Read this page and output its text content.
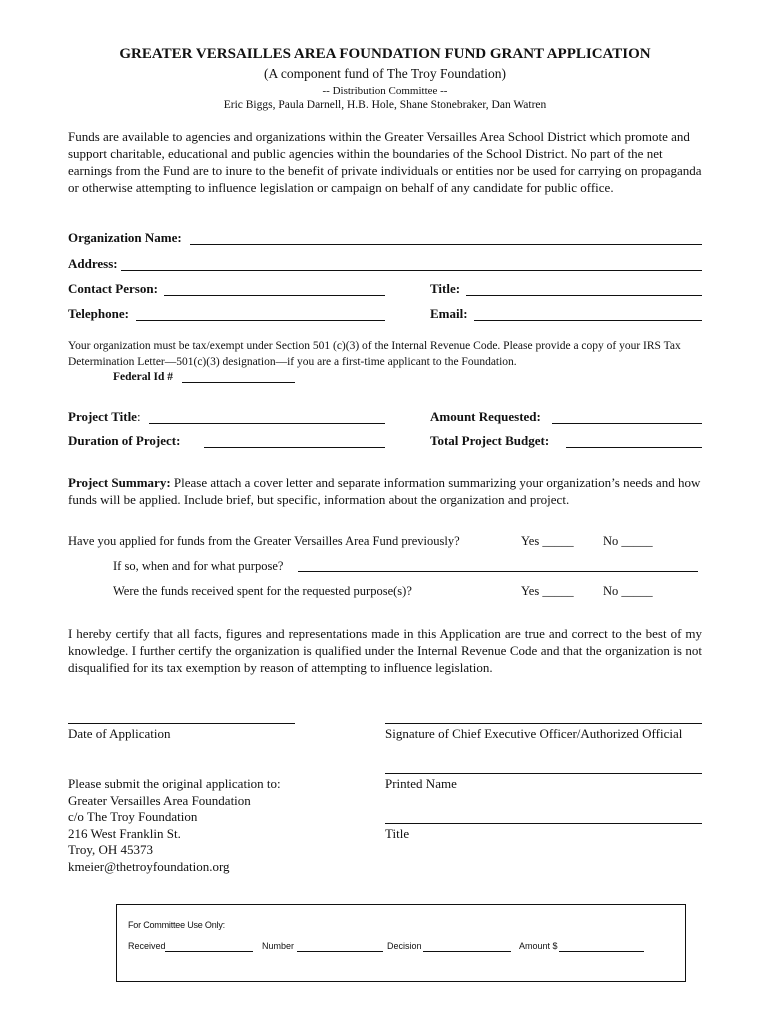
GREATER VERSAILLES AREA FOUNDATION FUND GRANT APPLICATION
(A component fund of The Troy Foundation)
-- Distribution Committee --
Eric Biggs, Paula Darnell, H.B. Hole, Shane Stonebraker, Dan Watren
Funds are available to agencies and organizations within the Greater Versailles Area School District which promote and support charitable, educational and public agencies within the boundaries of the School District. No part of the net earnings from the Fund are to inure to the benefit of private individuals or entities nor be used for carrying on propaganda or otherwise attempting to influence legislation or campaign on behalf of any candidate for public office.
Organization Name:
Address:
Contact Person:	Title:
Telephone:	Email:
Your organization must be tax/exempt under Section 501 (c)(3) of the Internal Revenue Code. Please provide a copy of your IRS Tax Determination Letter—501(c)(3) designation—if you are a first-time applicant to the Foundation.
Federal Id #
Project Title:	Amount Requested:
Duration of Project:	Total Project Budget:
Project Summary: Please attach a cover letter and separate information summarizing your organization’s needs and how funds will be applied. Include brief, but specific, information about the organization and project.
Have you applied for funds from the Greater Versailles Area Fund previously?	Yes _____ No _____
If so, when and for what purpose?
Were the funds received spent for the requested purpose(s)?	Yes _____ No _____
I hereby certify that all facts, figures and representations made in this Application are true and correct to the best of my knowledge. I further certify the organization is qualified under the Internal Revenue Code and that the organization is not disqualified for its tax exemption by reason of attempting to influence legislation.
Date of Application	Signature of Chief Executive Officer/Authorized Official
Printed Name
Title
Please submit the original application to:
Greater Versailles Area Foundation
c/o The Troy Foundation
216 West Franklin St.
Troy, OH 45373
kmeier@thetroyfoundation.org
For Committee Use Only:
Received	Number	Decision	Amount $
